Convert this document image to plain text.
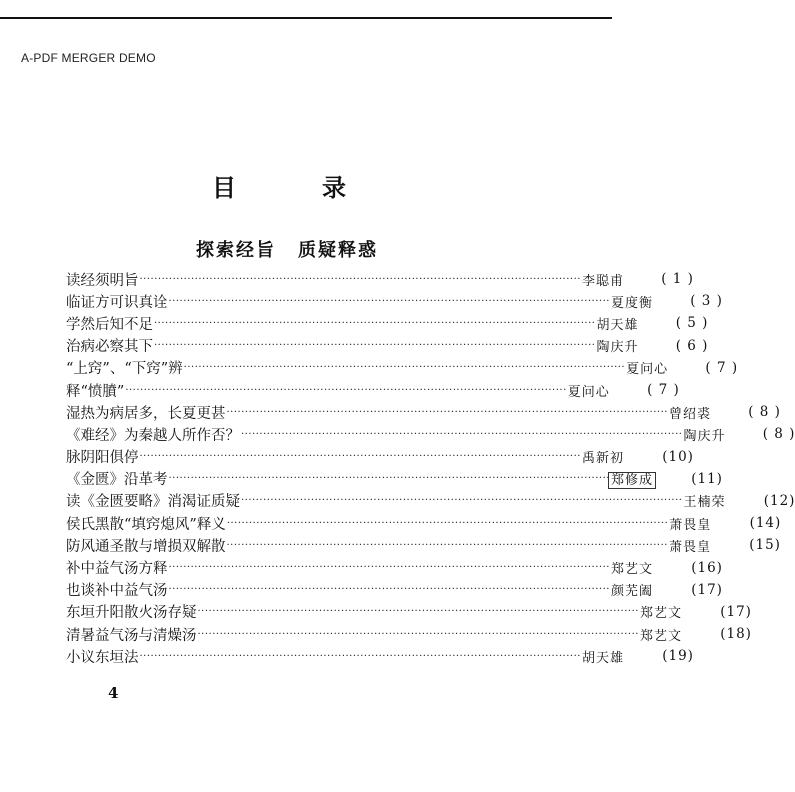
A-PDF MERGER DEMO
目	录
探索经旨 质疑释惑
读经须明旨 ························································································································ 李聪甫	( 1 )
临证方可识真诠 ························································································································ 夏度衡	( 3 )
学然后知不足 ························································································································ 胡天雄	( 5 )
治病必察其下 ························································································································ 陶庆升	( 6 )
“上窍”、“下窍”辨 ························································································································ 夏问心	( 7 )
释“愤膹” ························································································································ 夏问心	( 7 )
湿热为病居多，长夏更甚 ························································································································ 曾绍裘	( 8 )
《难经》为秦越人所作否？ ························································································································ 陶庆升	( 8 )
脉阴阳俱停 ························································································································ 禹新初	(10)
《金匮》沿革考 ························································································································ 郑修成	(11)
读《金匮要略》消渴证质疑 ························································································································ 王楠荣	(12)
侯氏黑散“填窍熄风”释义 ························································································································ 萧畏皇	(14)
防风通圣散与增损双解散 ························································································································ 萧畏皇	(15)
补中益气汤方释 ························································································································ 郑艺文	(16)
也谈补中益气汤 ························································································································ 颜芜阖	(17)
东垣升阳散火汤存疑 ························································································································ 郑艺文	(17)
清暑益气汤与清燥汤 ························································································································ 郑艺文	(18)
小议东垣法 ························································································································ 胡天雄	(19)
4
